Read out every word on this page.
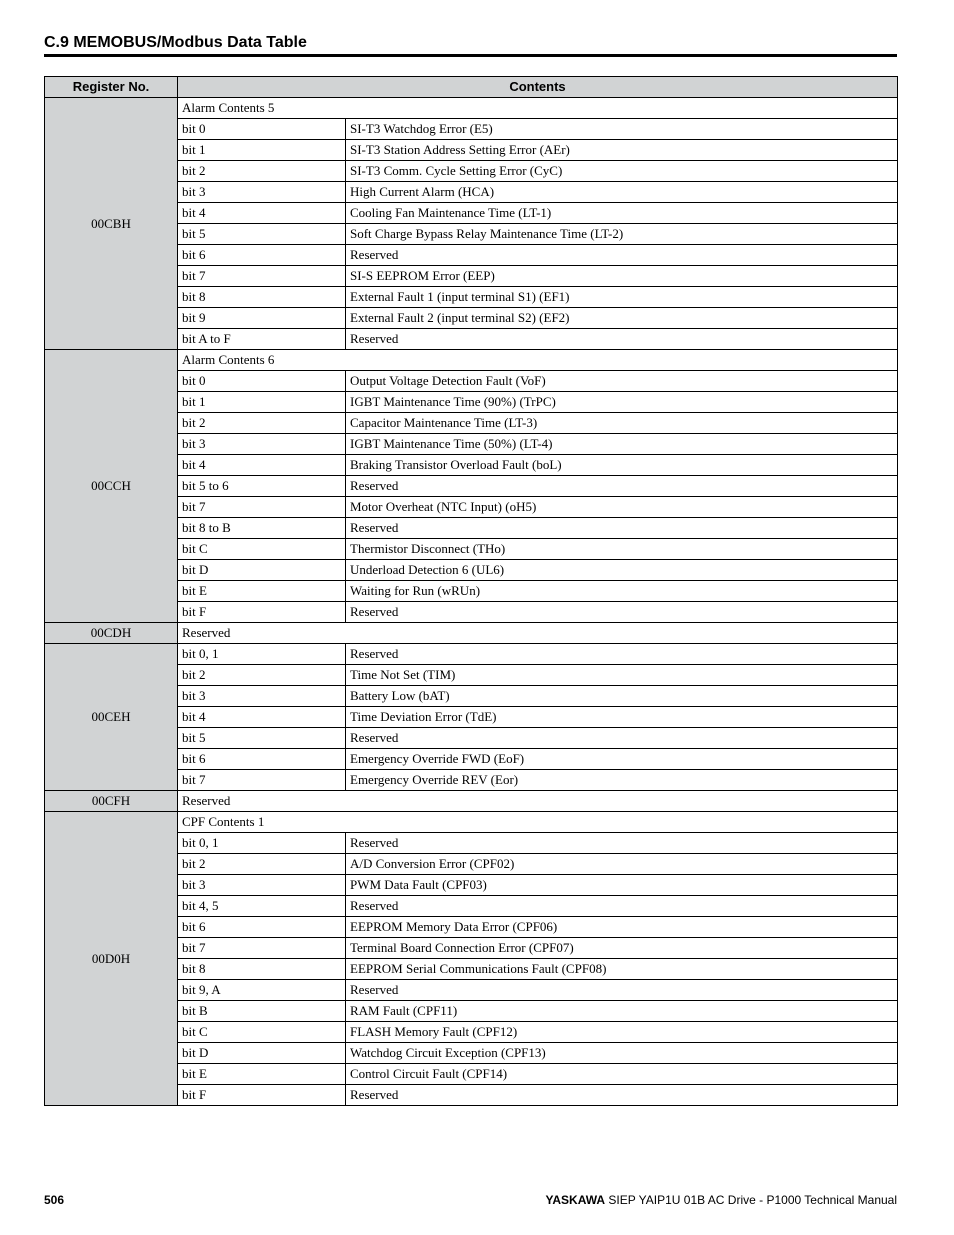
C.9 MEMOBUS/Modbus Data Table
Register No.	Contents	
00CBH	Alarm Contents 5	
	bit 0	SI-T3 Watchdog Error (E5)
	bit 1	SI-T3 Station Address Setting Error (AEr)
	bit 2	SI-T3 Comm. Cycle Setting Error (CyC)
	bit 3	High Current Alarm (HCA)
	bit 4	Cooling Fan Maintenance Time (LT-1)
	bit 5	Soft Charge Bypass Relay Maintenance Time (LT-2)
	bit 6	Reserved
	bit 7	SI-S EEPROM Error (EEP)
	bit 8	External Fault 1 (input terminal S1) (EF1)
	bit 9	External Fault 2 (input terminal S2) (EF2)
	bit A to F	Reserved
00CCH	Alarm Contents 6	
	bit 0	Output Voltage Detection Fault (VoF)
	bit 1	IGBT Maintenance Time (90%) (TrPC)
	bit 2	Capacitor Maintenance Time (LT-3)
	bit 3	IGBT Maintenance Time (50%) (LT-4)
	bit 4	Braking Transistor Overload Fault (boL)
	bit 5 to 6	Reserved
	bit 7	Motor Overheat (NTC Input) (oH5)
	bit 8 to B	Reserved
	bit C	Thermistor Disconnect (THo)
	bit D	Underload Detection 6 (UL6)
	bit E	Waiting for Run (wRUn)
	bit F	Reserved
00CDH	Reserved	
00CEH	bit 0, 1	Reserved
	bit 2	Time Not Set (TIM)
	bit 3	Battery Low (bAT)
	bit 4	Time Deviation Error (TdE)
	bit 5	Reserved
	bit 6	Emergency Override FWD (EoF)
	bit 7	Emergency Override REV (Eor)
00CFH	Reserved	
00D0H	CPF Contents 1	
	bit 0, 1	Reserved
	bit 2	A/D Conversion Error (CPF02)
	bit 3	PWM Data Fault (CPF03)
	bit 4, 5	Reserved
	bit 6	EEPROM Memory Data Error (CPF06)
	bit 7	Terminal Board Connection Error (CPF07)
	bit 8	EEPROM Serial Communications Fault (CPF08)
	bit 9, A	Reserved
	bit B	RAM Fault (CPF11)
	bit C	FLASH Memory Fault (CPF12)
	bit D	Watchdog Circuit Exception (CPF13)
	bit E	Control Circuit Fault (CPF14)
	bit F	Reserved
506	YASKAWA SIEP YAIP1U 01B AC Drive - P1000 Technical Manual
